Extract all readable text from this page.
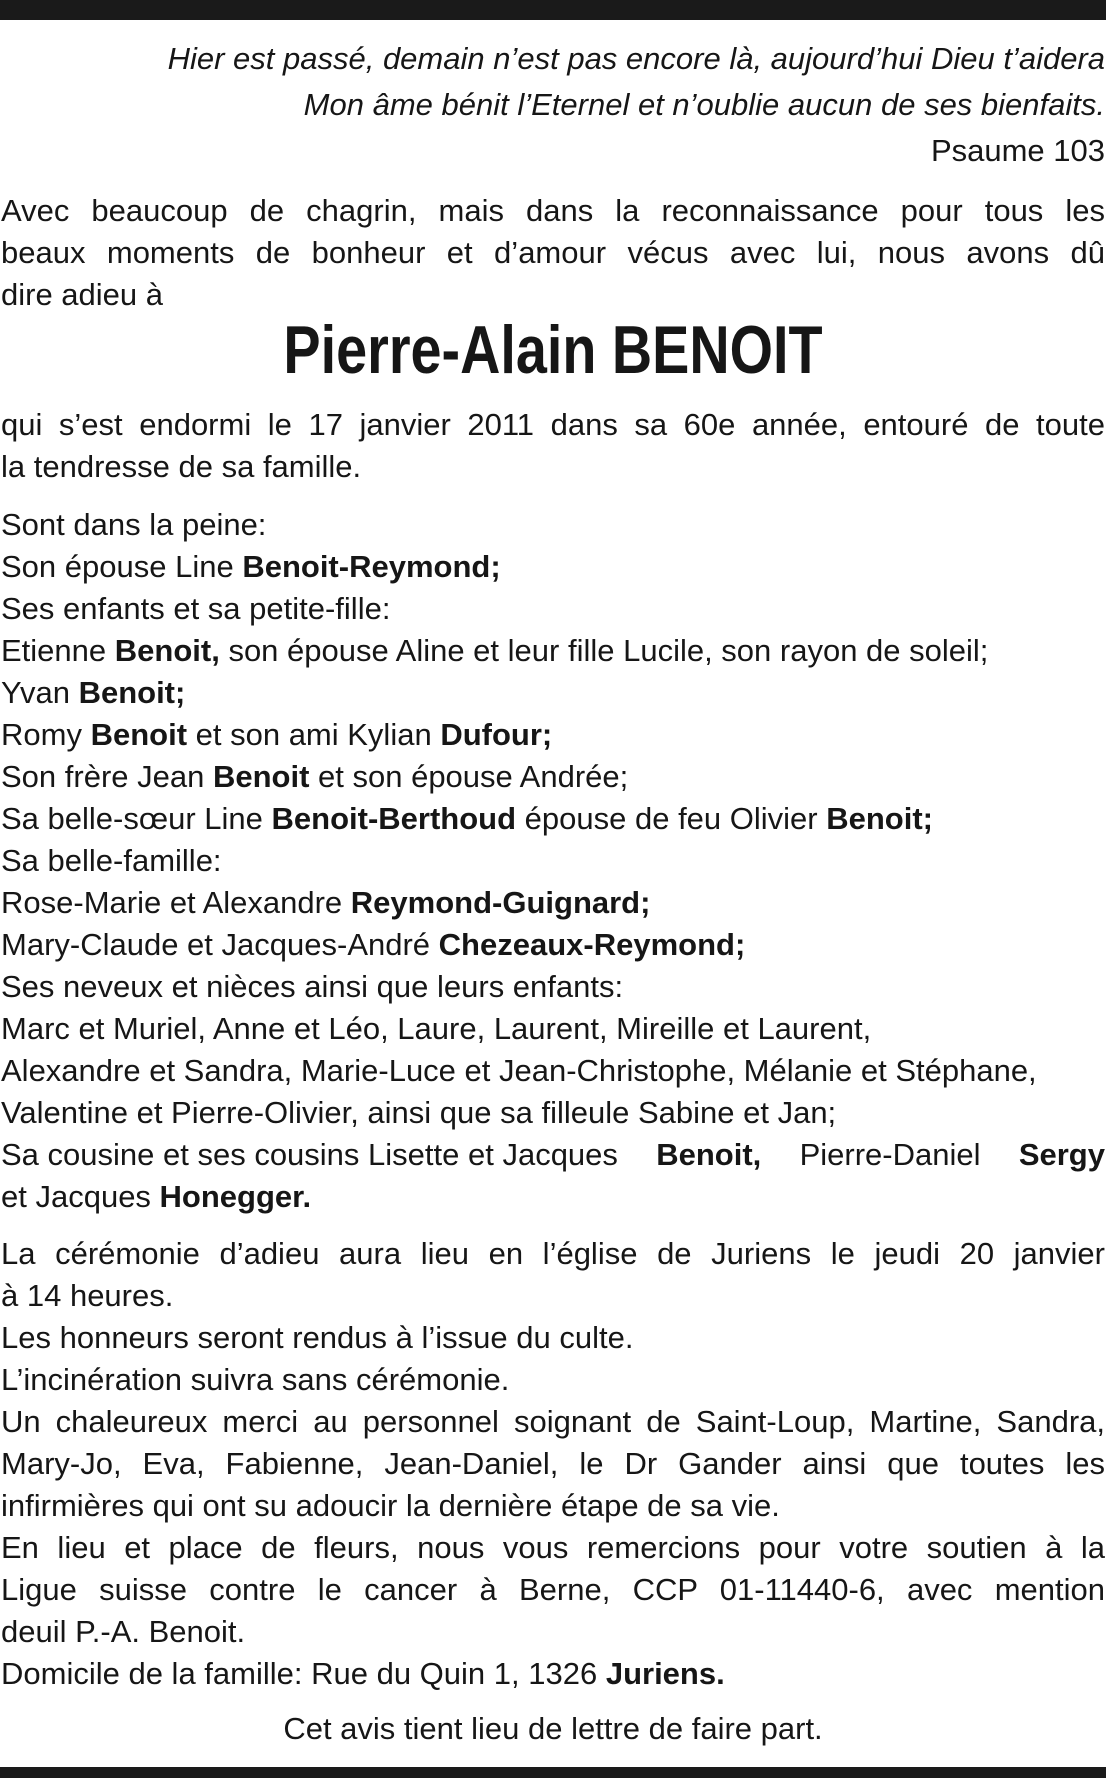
Hier est passé, demain n’est pas encore là, aujourd’hui Dieu t’aidera
Mon âme bénit l’Eternel et n’oublie aucun de ses bienfaits.
Psaume 103
Avec beaucoup de chagrin, mais dans la reconnaissance pour tous les
beaux moments de bonheur et d’amour vécus avec lui, nous avons dû
dire adieu à
Pierre-Alain BENOIT
qui s’est endormi le 17 janvier 2011 dans sa 60e année, entouré de toute
la tendresse de sa famille.
Sont dans la peine:
Son épouse Line Benoit-Reymond;
Ses enfants et sa petite-fille:
Etienne Benoit, son épouse Aline et leur fille Lucile, son rayon de soleil;
Yvan Benoit;
Romy Benoit et son ami Kylian Dufour;
Son frère Jean Benoit et son épouse Andrée;
Sa belle-sœur Line Benoit-Berthoud épouse de feu Olivier Benoit;
Sa belle-famille:
Rose-Marie et Alexandre Reymond-Guignard;
Mary-Claude et Jacques-André Chezeaux-Reymond;
Ses neveux et nièces ainsi que leurs enfants:
Marc et Muriel, Anne et Léo, Laure, Laurent, Mireille et Laurent,
Alexandre et Sandra, Marie-Luce et Jean-Christophe, Mélanie et Stéphane,
Valentine et Pierre-Olivier, ainsi que sa filleule Sabine et Jan;
Sa cousine et ses cousins Lisette et Jacques Benoit, Pierre-Daniel Sergy
et Jacques Honegger.
La cérémonie d’adieu aura lieu en l’église de Juriens le jeudi 20 janvier
à 14 heures.
Les honneurs seront rendus à l’issue du culte.
L’incinération suivra sans cérémonie.
Un chaleureux merci au personnel soignant de Saint-Loup, Martine, Sandra,
Mary-Jo, Eva, Fabienne, Jean-Daniel, le Dr Gander ainsi que toutes les
infirmières qui ont su adoucir la dernière étape de sa vie.
En lieu et place de fleurs, nous vous remercions pour votre soutien à la
Ligue suisse contre le cancer à Berne, CCP 01-11440-6, avec mention
deuil P.-A. Benoit.
Domicile de la famille: Rue du Quin 1, 1326 Juriens.
Cet avis tient lieu de lettre de faire part.
